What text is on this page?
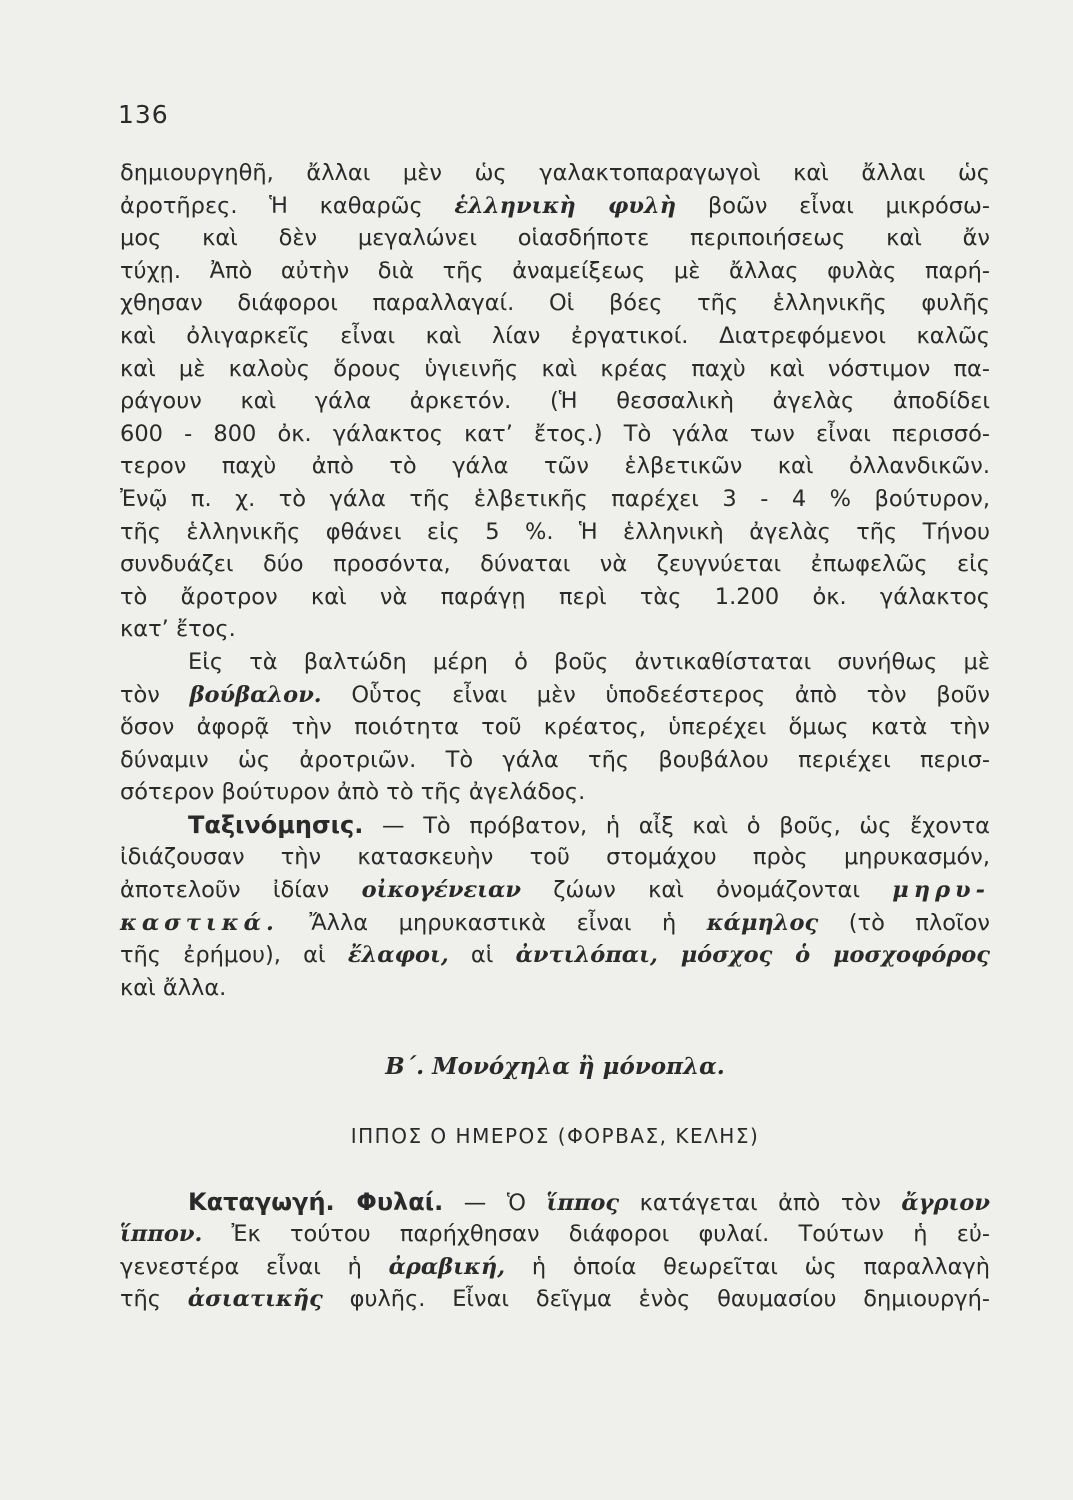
136
δημιουργηθῆ, ἄλλαι μὲν ὡς γαλακτοπαραγωγοὶ καὶ ἄλλαι ὡς
ἀροτῆρες. Ἡ καθαρῶς ἑλληνικὴ φυλὴ βοῶν εἶναι μικρόσω-
μος καὶ δὲν μεγαλώνει οἱασδήποτε περιποιήσεως καὶ ἄν
τύχῃ. Ἀπὸ αὐτὴν διὰ τῆς ἀναμείξεως μὲ ἄλλας φυλὰς παρή-
χθησαν διάφοροι παραλλαγαί. Οἱ βόες τῆς ἑλληνικῆς φυλῆς
καὶ ὀλιγαρκεῖς εἶναι καὶ λίαν ἐργατικοί. Διατρεφόμενοι καλῶς
καὶ μὲ καλοὺς ὅρους ὑγιεινῆς καὶ κρέας παχὺ καὶ νόστιμον πα-
ράγουν καὶ γάλα ἀρκετόν. (Ἡ θεσσαλικὴ ἀγελὰς ἀποδίδει
600 - 800 ὀκ. γάλακτος κατ’ ἔτος.) Τὸ γάλα των εἶναι περισσό-
τερον παχὺ ἀπὸ τὸ γάλα τῶν ἑλβετικῶν καὶ ὀλλανδικῶν.
Ἐνῷ π. χ. τὸ γάλα τῆς ἑλβετικῆς παρέχει 3 - 4 % βούτυρον,
τῆς ἑλληνικῆς φθάνει εἰς 5 %. Ἡ ἑλληνικὴ ἀγελὰς τῆς Τήνου
συνδυάζει δύο προσόντα, δύναται νὰ ζευγνύεται ἐπωφελῶς εἰς
τὸ ἄροτρον καὶ νὰ παράγῃ περὶ τὰς 1.200 ὀκ. γάλακτος
κατ’ ἔτος.
Εἰς τὰ βαλτώδη μέρη ὁ βοῦς ἀντικαθίσταται συνήθως μὲ
τὸν βούβαλον. Οὗτος εἶναι μὲν ὑποδεέστερος ἀπὸ τὸν βοῦν
ὅσον ἀφορᾷ τὴν ποιότητα τοῦ κρέατος, ὑπερέχει ὅμως κατὰ τὴν
δύναμιν ὡς ἀροτριῶν. Τὸ γάλα τῆς βουβάλου περιέχει περισ-
σότερον βούτυρον ἀπὸ τὸ τῆς ἀγελάδος.
Ταξινόμησις. — Τὸ πρόβατον, ἡ αἶξ καὶ ὁ βοῦς, ὡς ἔχοντα
ἰδιάζουσαν τὴν κατασκευὴν τοῦ στομάχου πρὸς μηρυκασμόν,
ἀποτελοῦν ἰδίαν οἰκογένειαν ζώων καὶ ὀνομάζονται μηρυ-
καστικά. Ἄλλα μηρυκαστικὰ εἶναι ἡ κάμηλος (τὸ πλοῖον
τῆς ἐρήμου), αἱ ἔλαφοι, αἱ ἀντιλόπαι, μόσχος ὁ μοσχοφόρος
καὶ ἄλλα.
Β΄. Μονόχηλα ἢ μόνοπλα.
ΙΠΠΟΣ Ο ΗΜΕΡΟΣ (ΦΟΡΒΑΣ, ΚΕΛΗΣ)
Καταγωγή. Φυλαί. — Ὁ ἵππος κατάγεται ἀπὸ τὸν ἄγριον
ἵππον. Ἐκ τούτου παρήχθησαν διάφοροι φυλαί. Τούτων ἡ εὐ-
γενεστέρα εἶναι ἡ ἀραβική, ἡ ὁποία θεωρεῖται ὡς παραλλαγὴ
τῆς ἀσιατικῆς φυλῆς. Εἶναι δεῖγμα ἑνὸς θαυμασίου δημιουργή-
